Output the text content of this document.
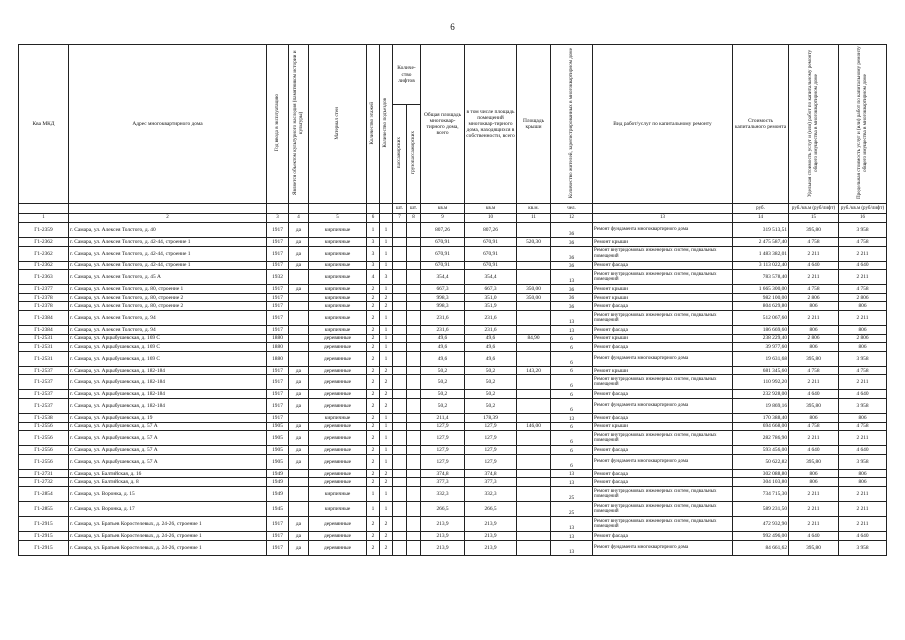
6
Ква МКД	Адрес многоквартирного дома	Год ввода в эксплуатацию	Является объектом культурного наследия (памятником истории и культуры)	Материал стен	Количество этажей	Количество подъездов	Количе-ство лифтов		Общая площадь многоквар-тирного дома, всего	в том числе площадь помещений многоквар-тирного дома, находящихся в собственности, всего	Площадь крыши	Количество жителей, зарегистрированных в многоквартирном доме	Вид работ/услуг по капитальному ремонту	Стоимость капитального ремонта	Удельная стоимость услуг и (или) работ по капитальному ремонту общего имущества в многоквартирном доме	Предельная стоимость услуг и (или) работ по капитальному ремонту общего имущества в многоквартирном доме
							пассажирских	грузопассажирских								
							шт.	шт.	кв.м	кв.м	кв.м.	чел.		руб.	руб./кв.м (руб/лифт)	руб./кв.м (руб/лифт)
1	2	3	4	5	6		7	8	9	10	11	12	13	14	15	16
Г1-2359	г. Самара, ул. Алексея Толстого, д. 40	1917	да	кирпичные	1	1			807,26	807,26		36	Ремонт фундамента многоквартирного дома	319 513,51	395,80	3 958
Г1-2362	г. Самара, ул. Алексея Толстого, д. 42-44, строение 1	1917	да	кирпичные	3	1			670,91	670,91	520,30	36	Ремонт крыши	2 475 587,40	4 758	4 758
Г1-2362	г. Самара, ул. Алексея Толстого, д. 42-44, строение 1	1917	да	кирпичные	3	1			670,91	670,91		36	Ремонт внутридомовых инженерных систем, подвальных помещений	1 483 382,01	2 211	2 211
Г1-2362	г. Самара, ул. Алексея Толстого, д. 42-44, строение 1	1917	да	кирпичные	3	1			670,91	670,91		36	Ремонт фасада	3 113 022,40	4 640	4 640
Г1-2363	г. Самара, ул. Алексея Толстого, д. 45 А	1932		кирпичные	4	3			354,4	354,4		13	Ремонт внутридомовых инженерных систем, подвальных помещений	783 578,40	2 211	2 211
Г1-2377	г. Самара, ул. Алексея Толстого, д. 80, строение 1	1917	да	кирпичные	2	1			667,3	667,3	350,00	36	Ремонт крыши	1 665 300,00	4 758	4 758
Г1-2378	г. Самара, ул. Алексея Толстого, д. 80, строение 2	1917		кирпичные	2	2			998,3	351,0	350,00	36	Ремонт крыши	982 100,00	2 806	2 806
Г1-2378	г. Самара, ул. Алексея Толстого, д. 80, строение 2	1917		кирпичные	2	2			998,3	351,9		36	Ремонт фасада	804 629,80	806	806
Г1-2384	г. Самара, ул. Алексея Толстого, д. 94	1917		кирпичные	2	1			231,6	231,6		13	Ремонт внутридомовых инженерных систем, подвальных помещений	512 067,60	2 211	2 211
Г1-2384	г. Самара, ул. Алексея Толстого, д. 94	1917		кирпичные	2	1			231,6	231,6		13	Ремонт фасада	186 669,60	806	806
Г1-2531	г. Самара, ул. Арцыбушевская, д. 169 С	1880		деревянные	2	1			49,6	49,6	84,90	6	Ремонт крыши	238 229,40	2 806	2 806
Г1-2531	г. Самара, ул. Арцыбушевская, д. 169 С	1880		деревянные	2	1			49,6	49,6		6	Ремонт фасада	39 977,60	806	806
Г1-2531	г. Самара, ул. Арцыбушевская, д. 169 С	1880		деревянные	2	1			49,6	49,6		6	Ремонт фундамента многоквартирного дома	19 631,68	395,80	3 958
Г1-2537	г. Самара, ул. Арцыбушевская, д. 182-184	1917	да	деревянные	2	2			50,2	50,2	143,20	6	Ремонт крыши	681 345,60	4 758	4 758
Г1-2537	г. Самара, ул. Арцыбушевская, д. 182-184	1917	да	деревянные	2	2			50,2	50,2		6	Ремонт внутридомовых инженерных систем, подвальных помещений	110 992,20	2 211	2 211
Г1-2537	г. Самара, ул. Арцыбушевская, д. 182-184	1917	да	деревянные	2	2			50,2	50,2		6	Ремонт фасада	232 928,00	4 640	4 640
Г1-2537	г. Самара, ул. Арцыбушевская, д. 182-184	1917	да	деревянные	2	2			50,2	50,2		6	Ремонт фундамента многоквартирного дома	19 869,16	395,80	3 958
Г1-2538	г. Самара, ул. Арцыбушевская, д. 19	1917		кирпичные	2	1			211,4	178,39		13	Ремонт фасада	170 388,40	806	806
Г1-2556	г. Самара, ул. Арцыбушевская, д. 57 А	1905	да	деревянные	2	1			127,9	127,9	146,00	6	Ремонт крыши	694 668,00	4 758	4 758
Г1-2556	г. Самара, ул. Арцыбушевская, д. 57 А	1905	да	деревянные	2	1			127,9	127,9		6	Ремонт внутридомовых инженерных систем, подвальных помещений	282 786,90	2 211	2 211
Г1-2556	г. Самара, ул. Арцыбушевская, д. 57 А	1905	да	деревянные	2	1			127,9	127,9		6	Ремонт фасада	593 456,00	4 640	4 640
Г1-2556	г. Самара, ул. Арцыбушевская, д. 57 А	1905	да	деревянные	2	1			127,9	127,9		6	Ремонт фундамента многоквартирного дома	50 622,82	395,80	3 958
Г1-2731	г. Самара, ул. Балтийская, д. 16	1949		деревянные	2	2			374,8	374,8		13	Ремонт фасада	302 088,80	806	806
Г1-2732	г. Самара, ул. Балтийская, д. 8	1949		деревянные	2	2			377,3	377,3		13	Ремонт фасада	304 103,80	806	806
Г1-2854	г. Самара, ул. Воронка, д. 15	1949		кирпичные	1	1			332,3	332,3		25	Ремонт внутридомовых инженерных систем, подвальных помещений	734 715,30	2 211	2 211
Г1-2855	г. Самара, ул. Воронка, д. 17	1945		кирпичные	1	1			266,5	266,5		25	Ремонт внутридомовых инженерных систем, подвальных помещений	589 231,50	2 211	2 211
Г1-2915	г. Самара, ул. Братьев Коростелевых, д. 24-26, строение 1	1917	да	деревянные	2	2			213,9	213,9		13	Ремонт внутридомовых инженерных систем, подвальных помещений	472 932,90	2 211	2 211
Г1-2915	г. Самара, ул. Братьев Коростелевых, д. 24-26, строение 1	1917	да	деревянные	2	2			213,9	213,9		13	Ремонт фасада	992 496,00	4 640	4 640
Г1-2915	г. Самара, ул. Братьев Коростелевых, д. 24-26, строение 1	1917	да	деревянные	2	2			213,9	213,9		13	Ремонт фундамента многоквартирного дома	84 661,62	395,80	3 958
